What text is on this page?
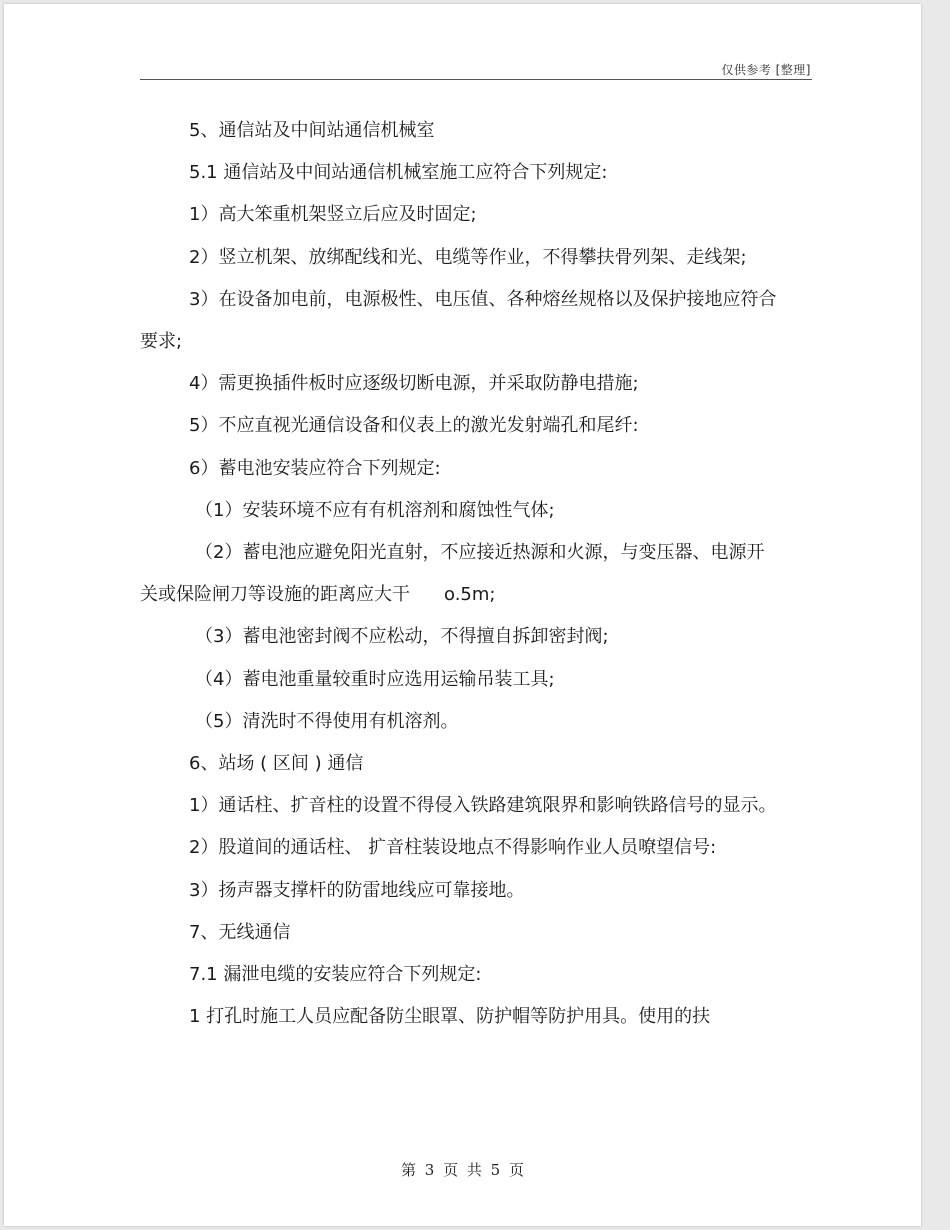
仅供参考 [整理]

5、通信站及中间站通信机械室

5.1 通信站及中间站通信机械室施工应符合下列规定:

1）高大笨重机架竖立后应及时固定;

2）竖立机架、放绑配线和光、电缆等作业，不得攀扶骨列架、走线架;

3）在设备加电前，电源极性、电压值、各种熔丝规格以及保护接地应符合要求;

4）需更换插件板时应逐级切断电源，并采取防静电措施;

5）不应直视光通信设备和仪表上的激光发射端孔和尾纤:

6）蓄电池安装应符合下列规定:

（1）安装环境不应有有机溶剂和腐蚀性气体;

（2）蓄电池应避免阳光直射，不应接近热源和火源，与变压器、电源开关或保险闸刀等设施的距离应大干 o.5m;

（3）蓄电池密封阀不应松动，不得擅自拆卸密封阀;

（4）蓄电池重量较重时应选用运输吊装工具;

（5）清洗时不得使用有机溶剂。

6、站场 ( 区间 ) 通信

1）通话柱、扩音柱的设置不得侵入铁路建筑限界和影响铁路信号的显示。

2）股道间的通话柱、 扩音柱装设地点不得影响作业人员嘹望信号:

3）扬声器支撑杆的防雷地线应可靠接地。

7、无线通信

7.1 漏泄电缆的安装应符合下列规定:

1 打孔时施工人员应配备防尘眼罩、防护帽等防护用具。使用的扶

第 3 页 共 5 页
